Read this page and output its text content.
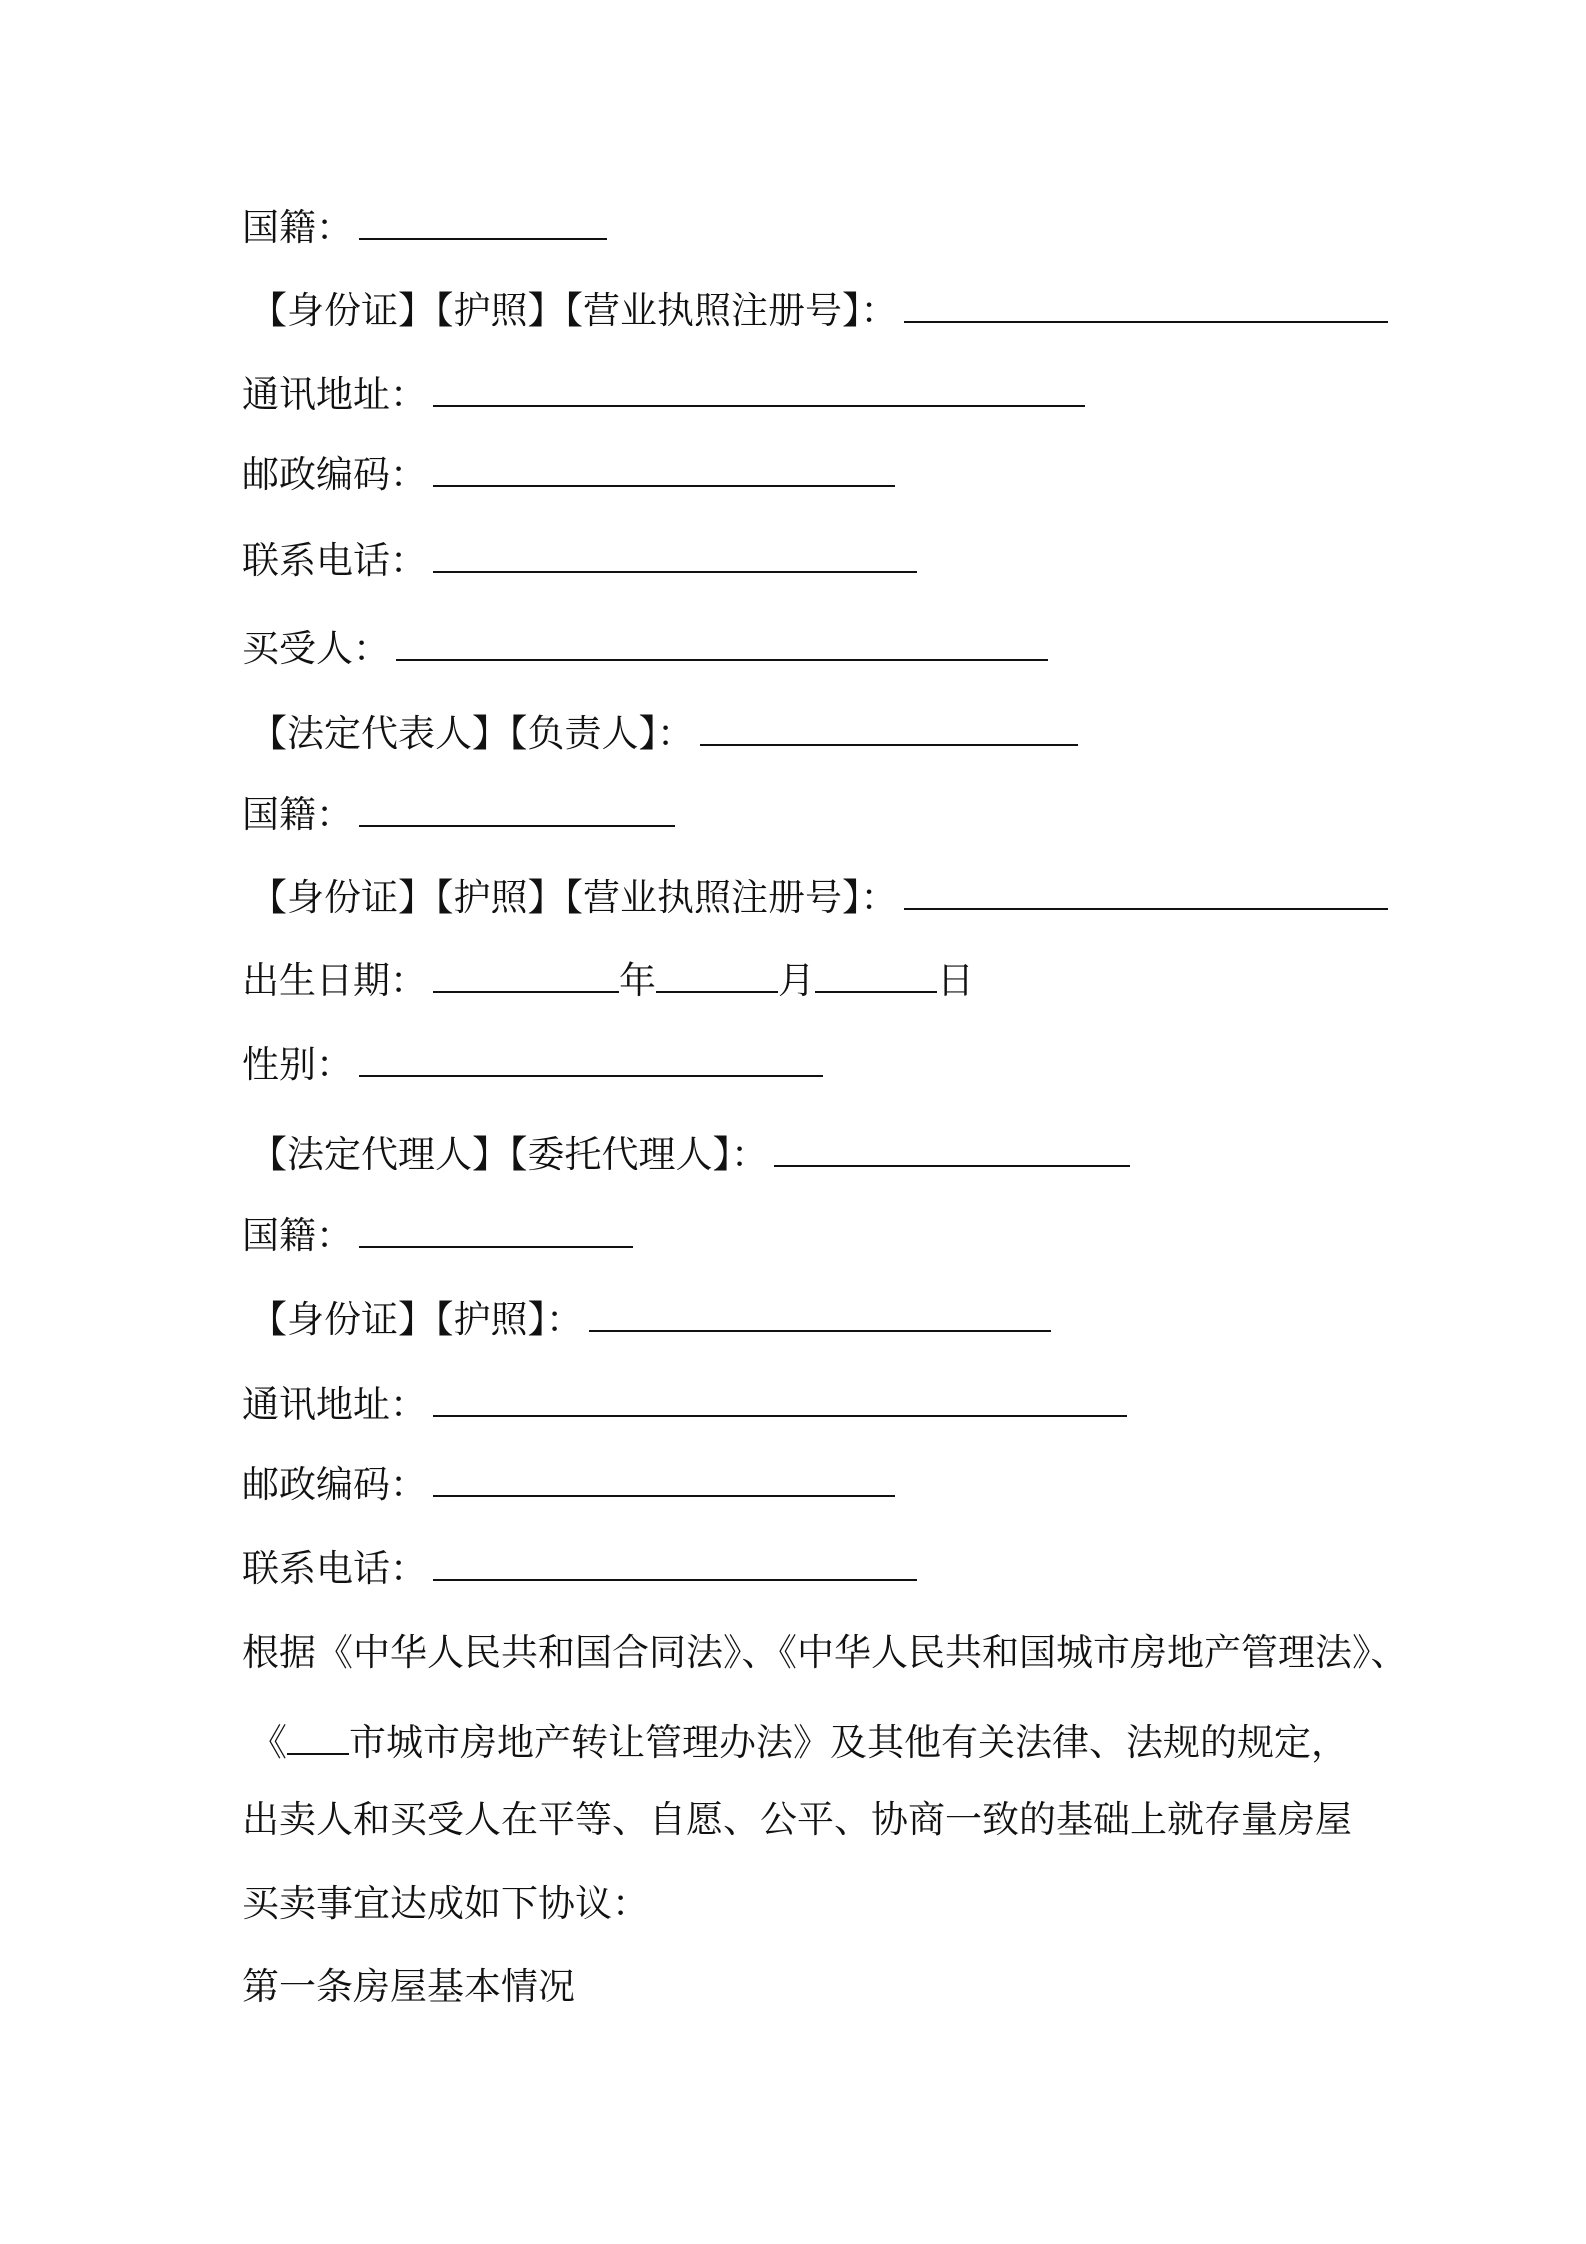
国籍：
【身份证】【护照】【营业执照注册号】：
通讯地址：
邮政编码：
联系电话：
买受人：
【法定代表人】【负责人】：
国籍：
【身份证】【护照】【营业执照注册号】：
出生日期：	年	月	日
性别：
【法定代理人】【委托代理人】：
国籍：
【身份证】【护照】：
通讯地址：
邮政编码：
联系电话：
根据《中华人民共和国合同法》、《中华人民共和国城市房地产管理法》、
《 市城市房地产转让管理办法》及其他有关法律、法规的规定，
出卖人和买受人在平等、自愿、公平、协商一致的基础上就存量房屋
买卖事宜达成如下协议：
第一条房屋基本情况
